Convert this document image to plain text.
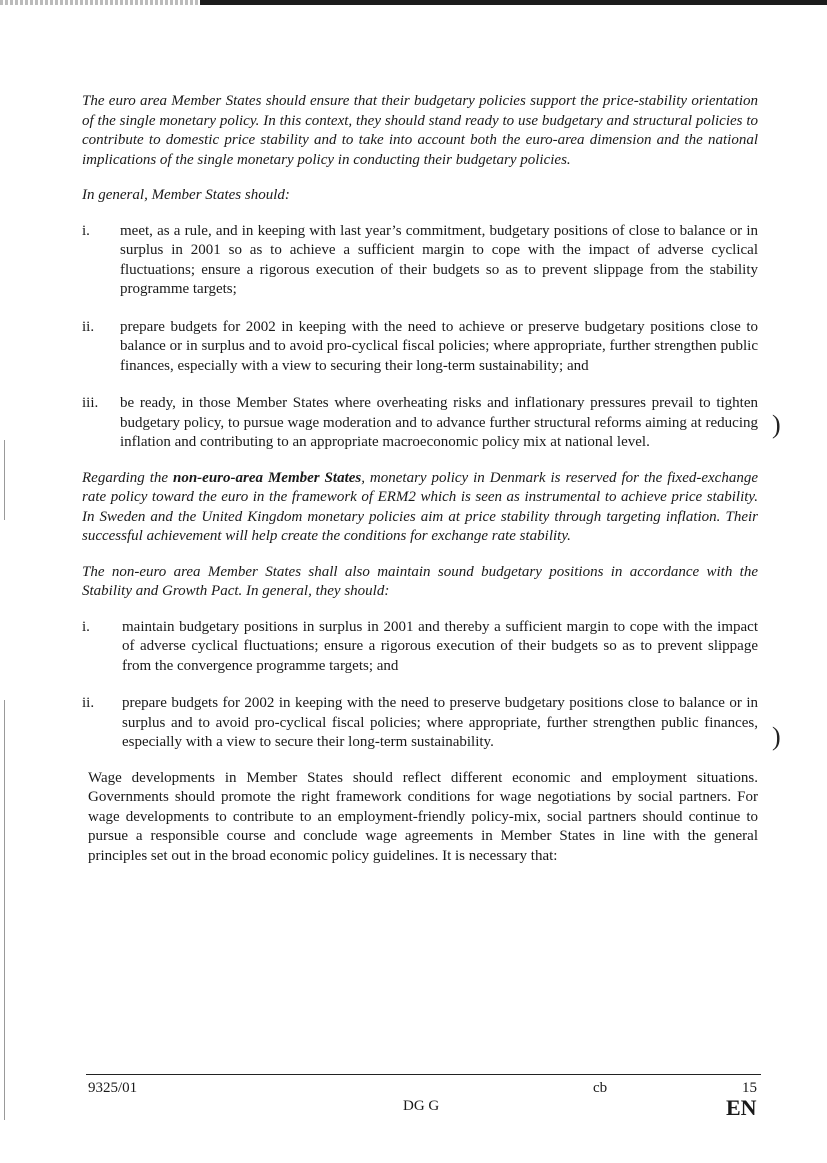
The euro area Member States should ensure that their budgetary policies support the price-stability orientation of the single monetary policy. In this context, they should stand ready to use budgetary and structural policies to contribute to domestic price stability and to take into account both the euro-area dimension and the national implications of the single monetary policy in conducting their budgetary policies.

In general, Member States should:

i.	meet, as a rule, and in keeping with last year’s commitment, budgetary positions of close to balance or in surplus in 2001 so as to achieve a sufficient margin to cope with the impact of adverse cyclical fluctuations; ensure a rigorous execution of their budgets so as to prevent slippage from the stability programme targets;
ii.	prepare budgets for 2002 in keeping with the need to achieve or preserve budgetary positions close to balance or in surplus and to avoid pro-cyclical fiscal policies; where appropriate, further strengthen public finances, especially with a view to securing their long-term sustainability; and
iii.	be ready, in those Member States where overheating risks and inflationary pressures prevail to tighten budgetary policy, to pursue wage moderation and to advance further structural reforms aiming at reducing inflation and contributing to an appropriate macroeconomic policy mix at national level.

Regarding the non-euro-area Member States, monetary policy in Denmark is reserved for the fixed-exchange rate policy toward the euro in the framework of ERM2 which is seen as instrumental to achieve price stability. In Sweden and the United Kingdom monetary policies aim at price stability through targeting inflation. Their successful achievement will help create the conditions for exchange rate stability.

The non-euro area Member States shall also maintain sound budgetary positions in accordance with the Stability and Growth Pact. In general, they should:

i.	maintain budgetary positions in surplus in 2001 and thereby a sufficient margin to cope with the impact of adverse cyclical fluctuations; ensure a rigorous execution of their budgets so as to prevent slippage from the convergence programme targets; and
ii.	prepare budgets for 2002 in keeping with the need to preserve budgetary positions close to balance or in surplus and to avoid pro-cyclical fiscal policies; where appropriate, further strengthen public finances, especially with a view to secure their long-term sustainability.

Wage developments in Member States should reflect different economic and employment situations. Governments should promote the right framework conditions for wage negotiations by social partners. For wage developments to contribute to an employment-friendly policy-mix, social partners should continue to pursue a responsible course and conclude wage agreements in Member States in line with the general principles set out in the broad economic policy guidelines. It is necessary that:

)
)
9325/01	cb	15
DG G	EN
